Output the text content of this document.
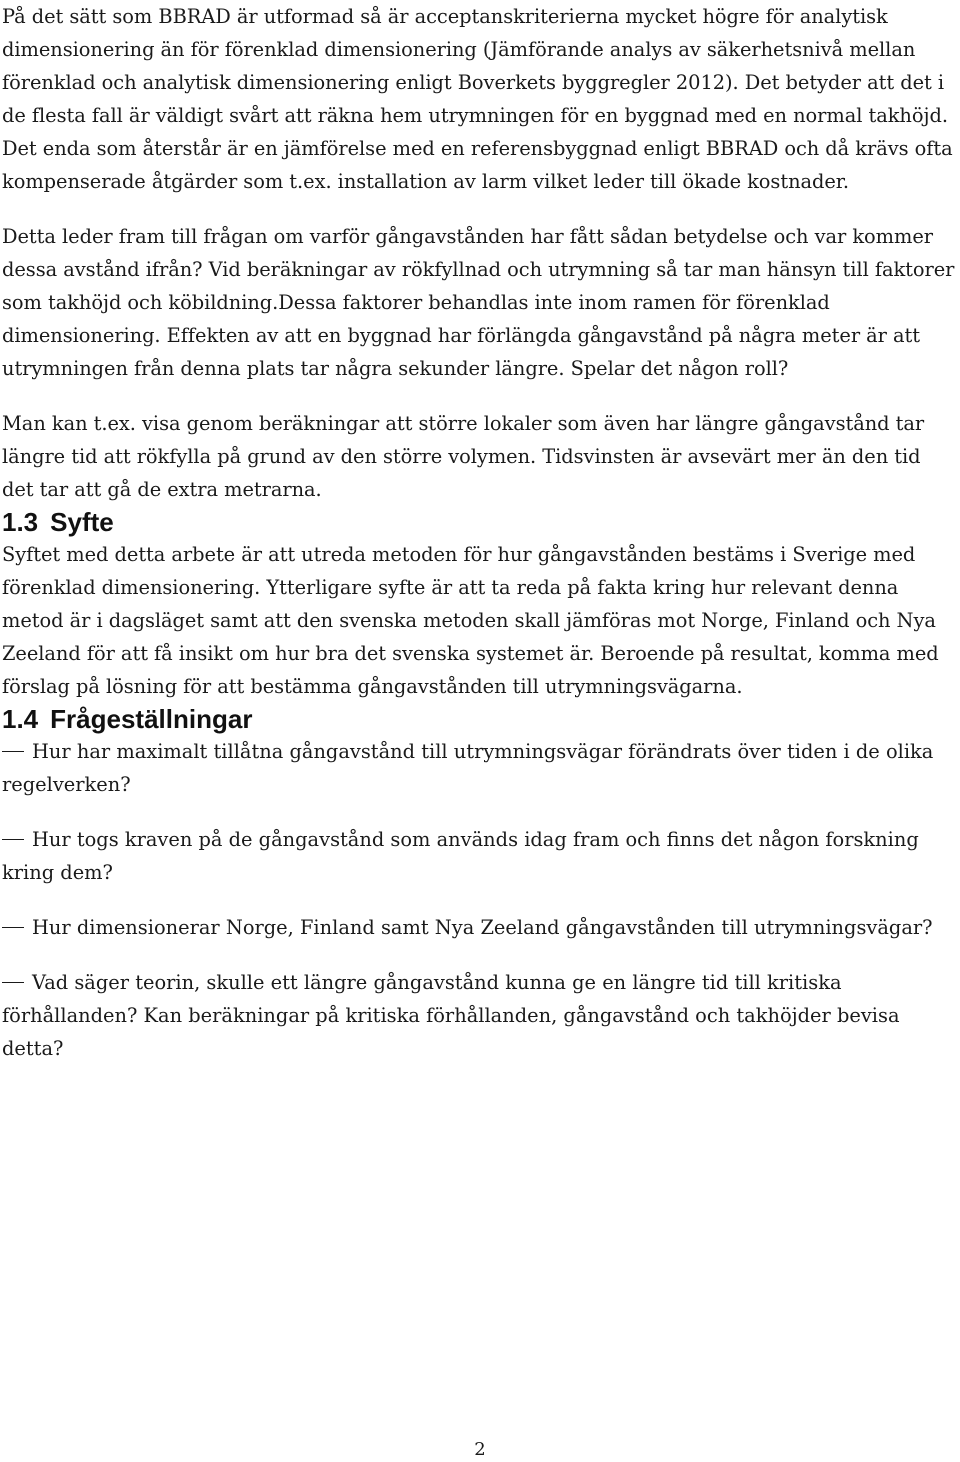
På det sätt som BBRAD är utformad så är acceptanskriterierna mycket högre för analytisk dimensionering än för förenklad dimensionering (Jämförande analys av säkerhetsnivå mellan förenklad och analytisk dimensionering enligt Boverkets byggregler 2012). Det betyder att det i de flesta fall är väldigt svårt att räkna hem utrymningen för en byggnad med en normal takhöjd. Det enda som återstår är en jämförelse med en referensbyggnad enligt BBRAD och då krävs ofta kompenserade åtgärder som t.ex. installation av larm vilket leder till ökade kostnader.

Detta leder fram till frågan om varför gångavstånden har fått sådan betydelse och var kommer dessa avstånd ifrån? Vid beräkningar av rökfyllnad och utrymning så tar man hänsyn till faktorer som takhöjd och köbildning.Dessa faktorer behandlas inte inom ramen för förenklad dimensionering. Effekten av att en byggnad har förlängda gångavstånd på några meter är att utrymningen från denna plats tar några sekunder längre. Spelar det någon roll?

Man kan t.ex. visa genom beräkningar att större lokaler som även har längre gångavstånd tar längre tid att rökfylla på grund av den större volymen. Tidsvinsten är avsevärt mer än den tid det tar att gå de extra metrarna.

1.3 Syfte

Syftet med detta arbete är att utreda metoden för hur gångavstånden bestäms i Sverige med förenklad dimensionering. Ytterligare syfte är att ta reda på fakta kring hur relevant denna metod är i dagsläget samt att den svenska metoden skall jämföras mot Norge, Finland och Nya Zeeland för att få insikt om hur bra det svenska systemet är. Beroende på resultat, komma med förslag på lösning för att bestämma gångavstånden till utrymningsvägarna.

1.4 Frågeställningar

Hur har maximalt tillåtna gångavstånd till utrymningsvägar förändrats över tiden i de olika regelverken?

Hur togs kraven på de gångavstånd som används idag fram och finns det någon forskning kring dem?

Hur dimensionerar Norge, Finland samt Nya Zeeland gångavstånden till utrymningsvägar?

Vad säger teorin, skulle ett längre gångavstånd kunna ge en längre tid till kritiska förhållanden? Kan beräkningar på kritiska förhållanden, gångavstånd och takhöjder bevisa detta?

2
